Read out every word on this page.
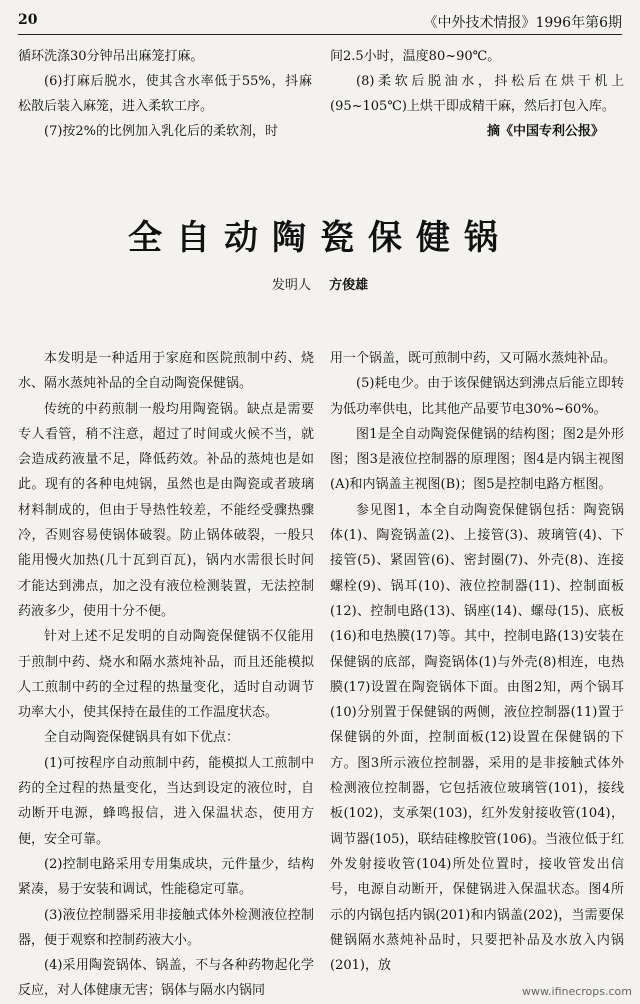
20	《中外技术情报》1996年第6期

循环洗涤30分钟吊出麻笼打麻。

(6)打麻后脱水，使其含水率低于55%，抖麻松散后装入麻笼，进入柔软工序。

(7)按2%的比例加入乳化后的柔软剂，时

间2.5小时，温度80~90℃。

(8)柔软后脱油水，抖松后在烘干机上(95~105℃)上烘干即成精干麻，然后打包入库。

摘《中国专利公报》

全自动陶瓷保健锅
发明人 方俊雄

本发明是一种适用于家庭和医院煎制中药、烧水、隔水蒸炖补品的全自动陶瓷保健锅。

传统的中药煎制一般均用陶瓷锅。缺点是需要专人看管，稍不注意，超过了时间或火候不当，就会造成药液量不足，降低药效。补品的蒸炖也是如此。现有的各种电炖锅，虽然也是由陶瓷或者玻璃材料制成的，但由于导热性较差，不能经受骤热骤冷，否则容易使锅体破裂。防止锅体破裂，一般只能用慢火加热(几十瓦到百瓦)，锅内水需很长时间才能达到沸点，加之没有液位检测装置，无法控制药液多少，使用十分不便。

针对上述不足发明的自动陶瓷保健锅不仅能用于煎制中药、烧水和隔水蒸炖补品，而且还能模拟人工煎制中药的全过程的热量变化，适时自动调节功率大小，使其保持在最佳的工作温度状态。

全自动陶瓷保健锅具有如下优点：

(1)可按程序自动煎制中药，能模拟人工煎制中药的全过程的热量变化，当达到设定的液位时，自动断开电源，蜂鸣报信，进入保温状态，使用方便，安全可靠。

(2)控制电路采用专用集成块，元件量少，结构紧凑，易于安装和调试，性能稳定可靠。

(3)液位控制器采用非接触式体外检测液位控制器，便于观察和控制药液大小。

(4)采用陶瓷锅体、锅盖，不与各种药物起化学反应，对人体健康无害；锅体与隔水内锅同

用一个锅盖，既可煎制中药，又可隔水蒸炖补品。

(5)耗电少。由于该保健锅达到沸点后能立即转为低功率供电，比其他产品要节电30%~60%。

图1是全自动陶瓷保健锅的结构图；图2是外形图；图3是液位控制器的原理图；图4是内锅主视图(A)和内锅盖主视图(B)；图5是控制电路方框图。

参见图1，本全自动陶瓷保健锅包括：陶瓷锅体(1)、陶瓷锅盖(2)、上接管(3)、玻璃管(4)、下接管(5)、紧固管(6)、密封圈(7)、外壳(8)、连接螺栓(9)、锅耳(10)、液位控制器(11)、控制面板(12)、控制电路(13)、锅座(14)、螺母(15)、底板(16)和电热膜(17)等。其中，控制电路(13)安装在保健锅的底部，陶瓷锅体(1)与外壳(8)相连，电热膜(17)设置在陶瓷锅体下面。由图2知，两个锅耳(10)分别置于保健锅的两侧，液位控制器(11)置于保健锅的外面，控制面板(12)设置在保健锅的下方。图3所示液位控制器，采用的是非接触式体外检测液位控制器，它包括液位玻璃管(101)，接线板(102)，支承架(103)，红外发射接收管(104)，调节器(105)，联结硅橡胶管(106)。当液位低于红外发射接收管(104)所处位置时，接收管发出信号，电源自动断开，保健锅进入保温状态。图4所示的内锅包括内锅(201)和内锅盖(202)，当需要保健锅隔水蒸炖补品时，只要把补品及水放入内锅(201)，放

www.ifinecrops.com
